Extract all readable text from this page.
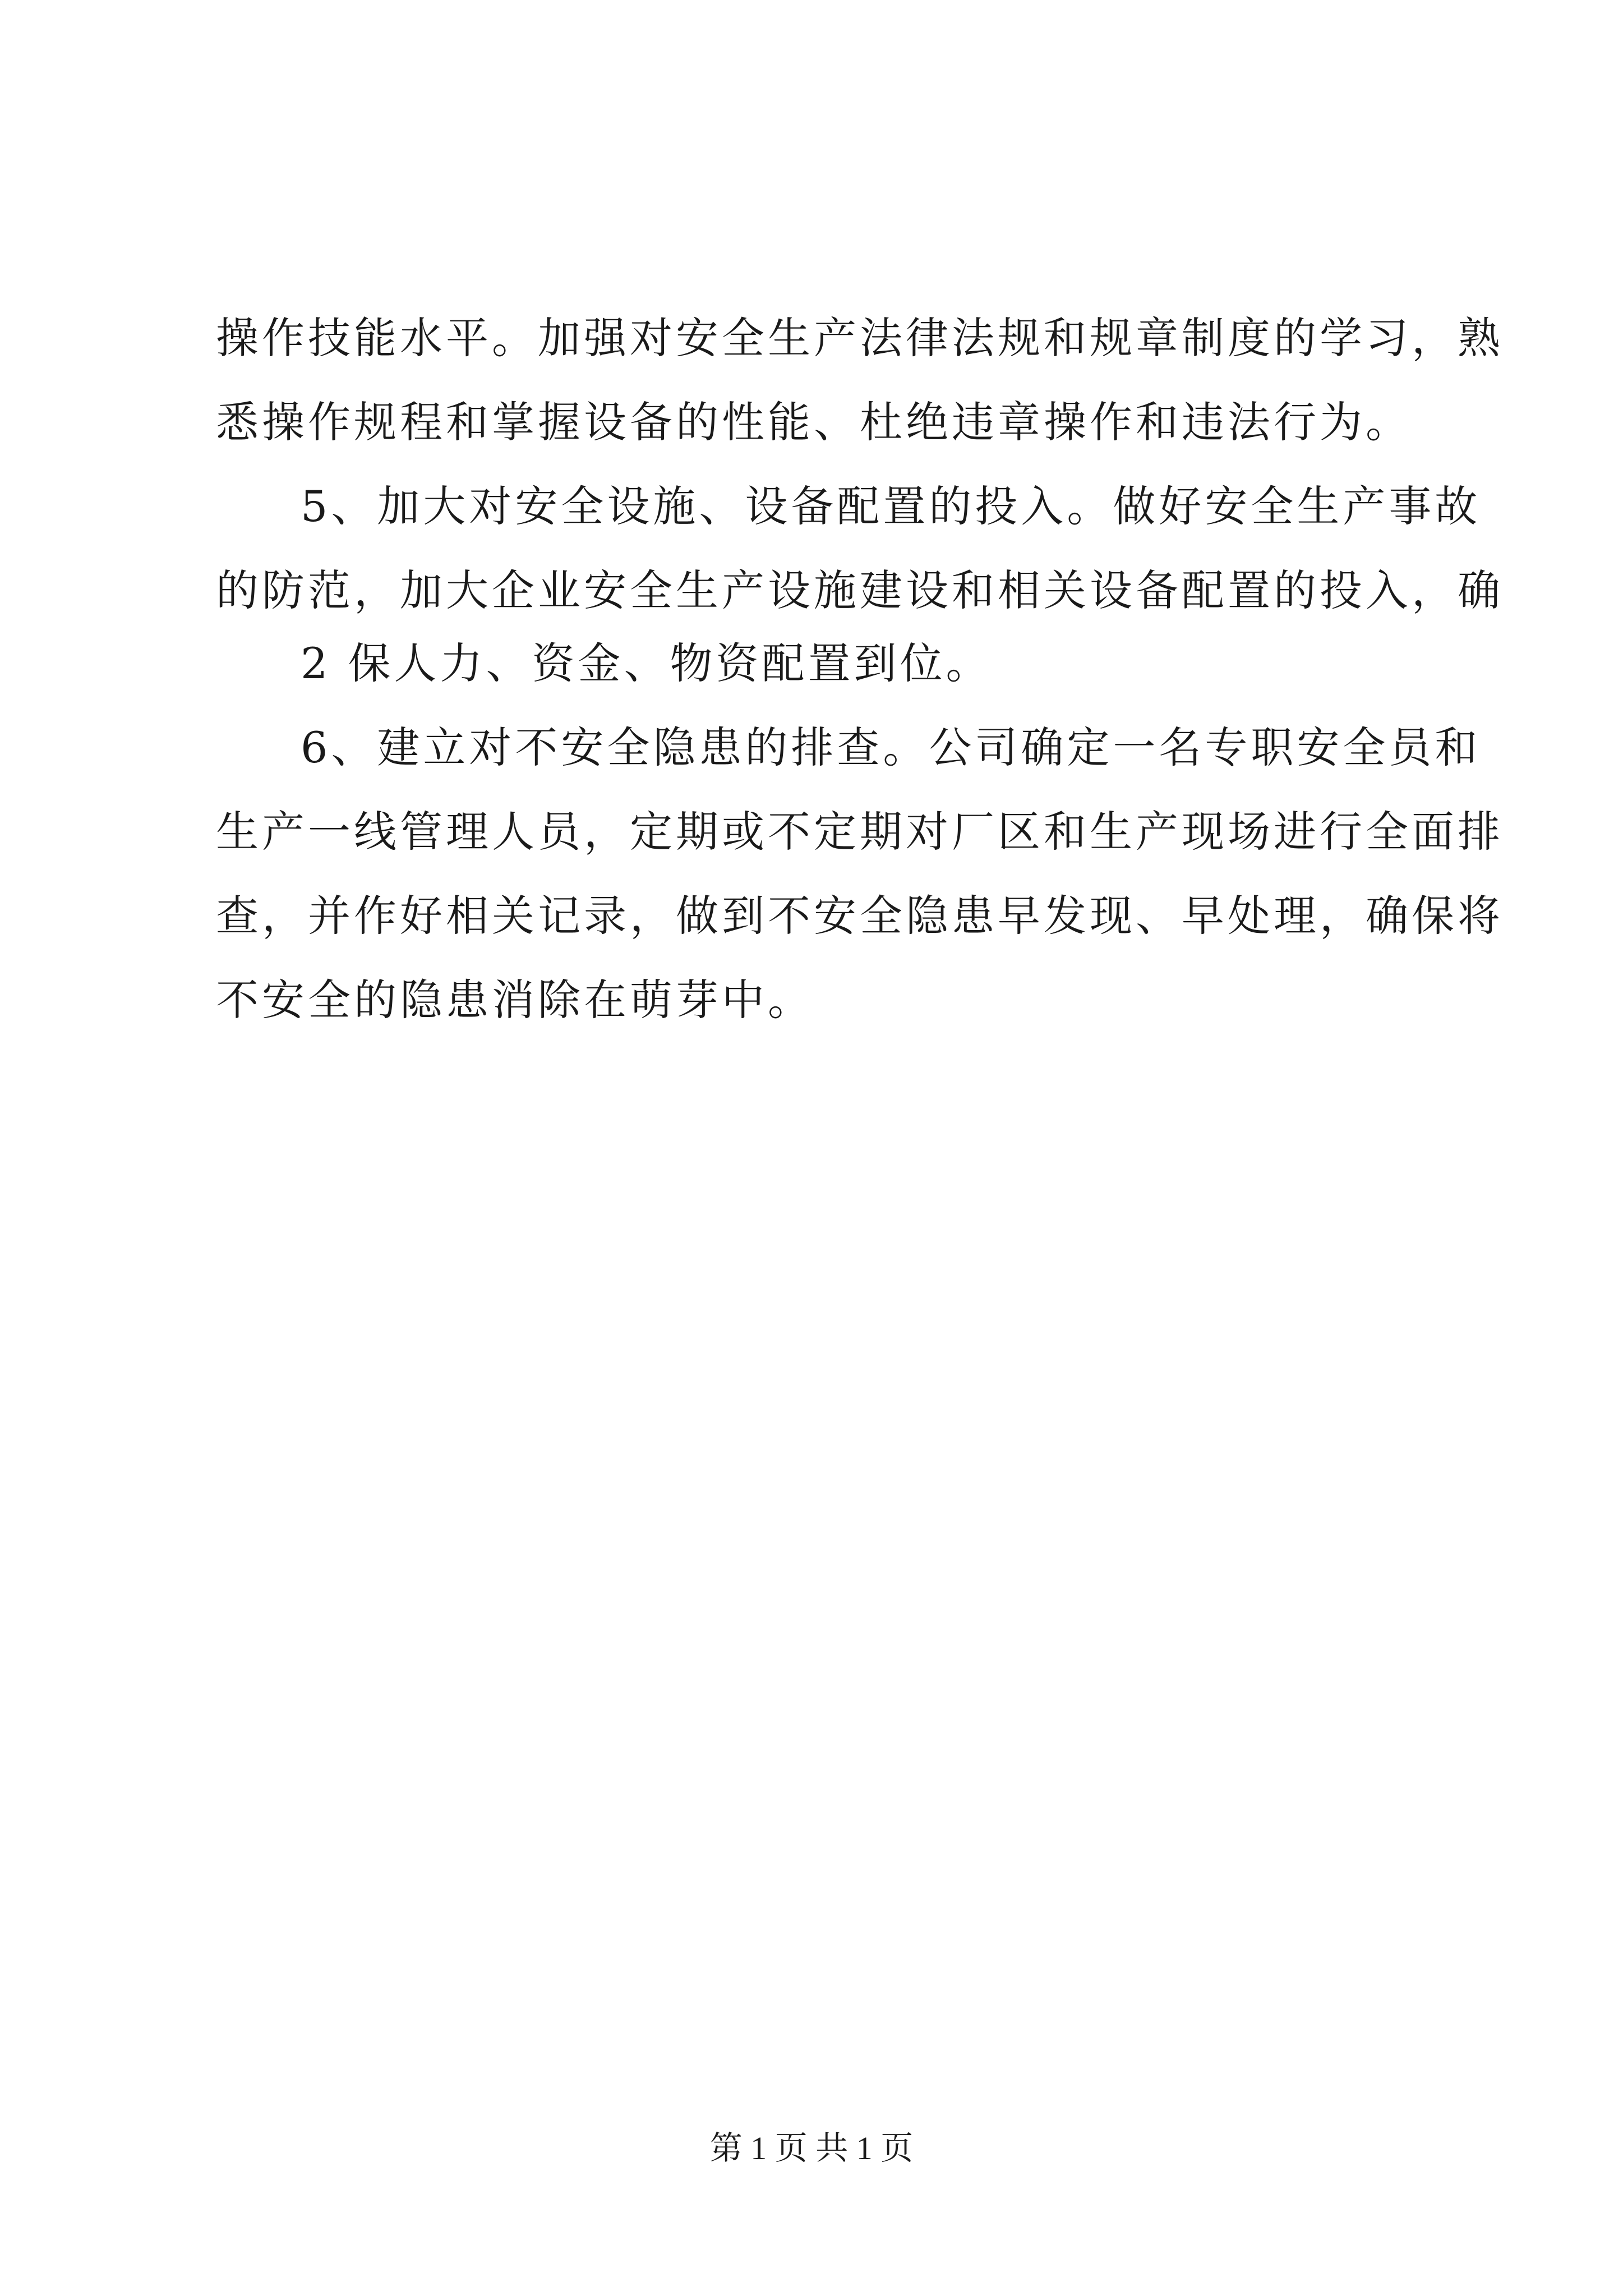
操作技能水平。加强对安全生产法律法规和规章制度的学习，熟
悉操作规程和掌握设备的性能、杜绝违章操作和违法行为。
5、加大对安全设施、设备配置的投入。做好安全生产事故
的防范，加大企业安全生产设施建设和相关设备配置的投入，确
2 保人力、资金、物资配置到位。
6、建立对不安全隐患的排查。公司确定一名专职安全员和
生产一线管理人员，定期或不定期对厂区和生产现场进行全面排
查，并作好相关记录，做到不安全隐患早发现、早处理，确保将
不安全的隐患消除在萌芽中。
第 1 页 共 1 页
